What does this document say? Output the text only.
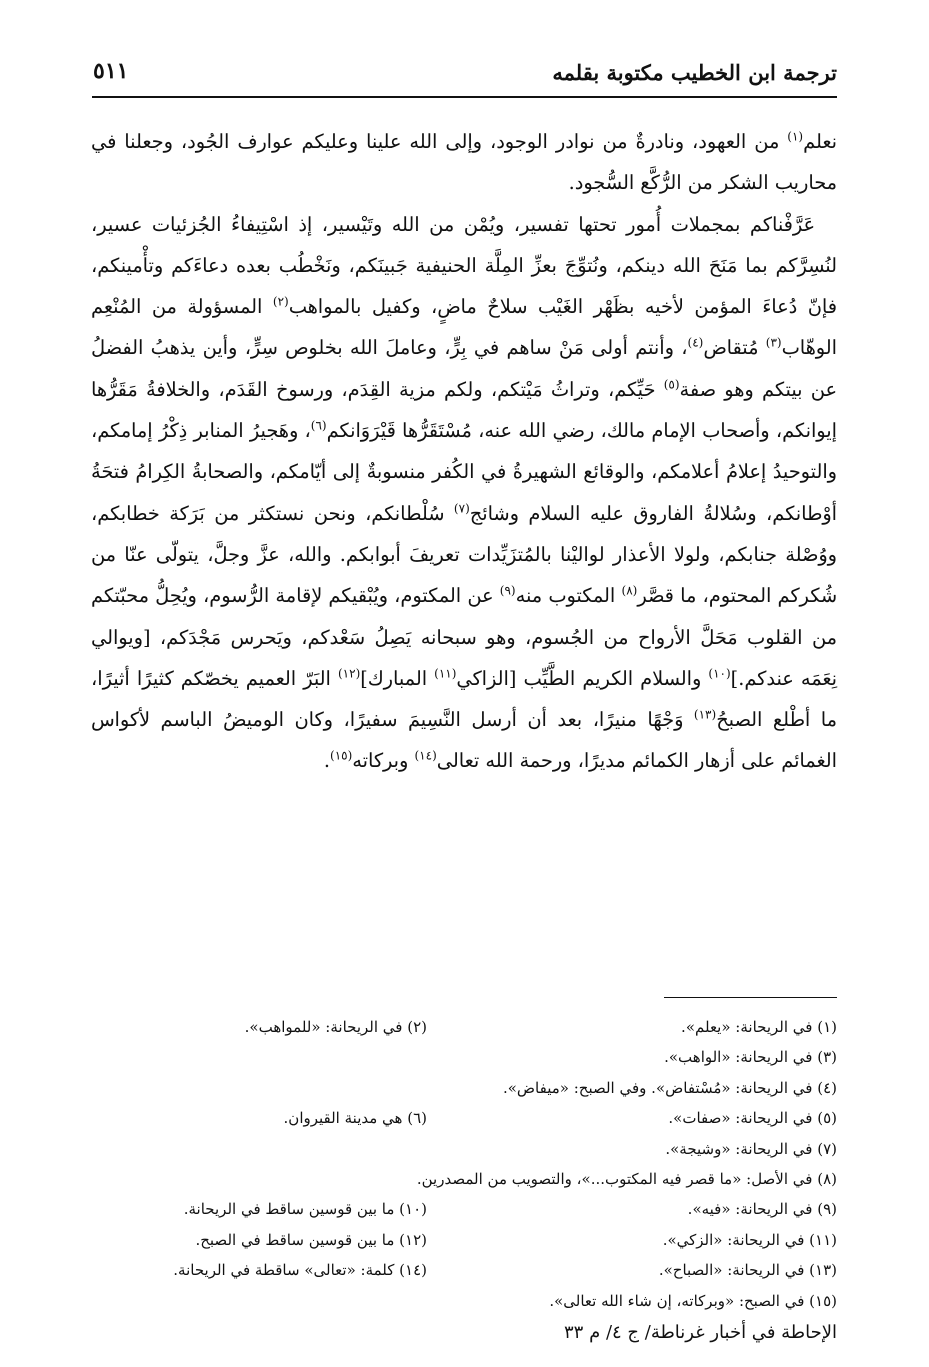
ترجمة ابن الخطيب مكتوبة بقلمه
٥١١

نعلم$^{(١)}$ من العهود، ونادرةٌ من نوادر الوجود، وإلى الله علينا وعليكم عوارف الجُود، وجعلنا في محاريب الشكر من الرُّكَّع السُّجود.

عَرَّفْناكم بمجملات أُمور تحتها تفسير، ويُمْن من الله وتَيْسير، إذ اسْتِيفاءُ الجُزئيات عسير، لنُسِرَّكم بما مَنَحَ الله دينكم، ونُتوِّجَ بعزِّ المِلَّة الحنيفية جَبينَكم، ونَخْطُب بعده دعاءَكم وتأْمينكم، فإنّ دُعاءَ المؤمن لأخيه بظَهْر الغَيْب سلاحٌ ماضٍ، وكفيل بالمواهب$^{(٢)}$ المسؤولة من المُنْعِم الوهّاب$^{(٣)}$ مُتقاض$^{(٤)}$، وأنتم أولى مَنْ ساهم في بِرٍّ، وعاملَ الله بخلوص سِرٍّ، وأين يذهبُ الفضلُ عن بيتكم وهو صفة$^{(٥)}$ حَيِّكم، وتراثُ مَيْتكم، ولكم مزية القِدَم، ورسوخ القَدَم، والخلافةُ مَقَرُّها إيوانكم، وأصحاب الإمام مالك، رضي الله عنه، مُسْتَقَرُّها قَيْرَوَانكم$^{(٦)}$، وهَجيرُ المنابر ذِكْرُ إمامكم، والتوحيدُ إعلامُ أعلامكم، والوقائع الشهيرةُ في الكُفر منسوبةٌ إلى أيّامكم، والصحابةُ الكِرامُ فتحَةُ أوْطانكم، وسُلالةُ الفاروق عليه السلام وشائج$^{(٧)}$ سُلْطانكم، ونحن نستكثر من بَرَكة خطابكم، ووُصْلة جنابكم، ولولا الأعذار لواليْنا بالمُتزَيِّدات تعريفَ أبوابكم. والله، عزَّ وجلَّ، يتولّى عنّا من شُكركم المحتوم، ما قصَّر$^{(٨)}$ المكتوب منه$^{(٩)}$ عن المكتوم، ويُبْقيكم لإقامة الرُّسوم، ويُحِلُّ محبّتكم من القلوب مَحَلَّ الأرواح من الجُسوم، وهو سبحانه يَصِلُ سَعْدكم، ويَحرس مَجْدَكم، [ويوالي نِعَمَه عندكم.]$^{(١٠)}$ والسلام الكريم الطَّيِّب [الزاكي$^{(١١)}$ المبارك]$^{(١٢)}$ البَرّ العميم يخصّكم كثيرًا أثيرًا، ما أطْلع الصبحُ$^{(١٣)}$ وَجْهًا منيرًا، بعد أن أرسل النَّسِيمَ سفيرًا، وكان الوميضُ الباسم لأكواس الغمائم على أزهار الكمائم مديرًا، ورحمة الله تعالى$^{(١٤)}$ وبركاته$^{(١٥)}$.

(١) في الريحانة: «يعلم».
(٢) في الريحانة: «للمواهب».
(٣) في الريحانة: «الواهب».
(٤) في الريحانة: «مُسْتفاض». وفي الصبح: «ميفاض».
(٥) في الريحانة: «صفات».
(٦) هي مدينة القيروان.
(٧) في الريحانة: «وشيجة».
(٨) في الأصل: «ما قصر فيه المكتوب...»، والتصويب من المصدرين.
(٩) في الريحانة: «فيه».
(١٠) ما بين قوسين ساقط في الريحانة.
(١١) في الريحانة: «الزكي».
(١٢) ما بين قوسين ساقط في الصبح.
(١٣) في الريحانة: «الصباح».
(١٤) كلمة: «تعالى» ساقطة في الريحانة.
(١٥) في الصبح: «وبركاته، إن شاء الله تعالى».
الإحاطة في أخبار غرناطة/ ج ٤/ م ٣٣
